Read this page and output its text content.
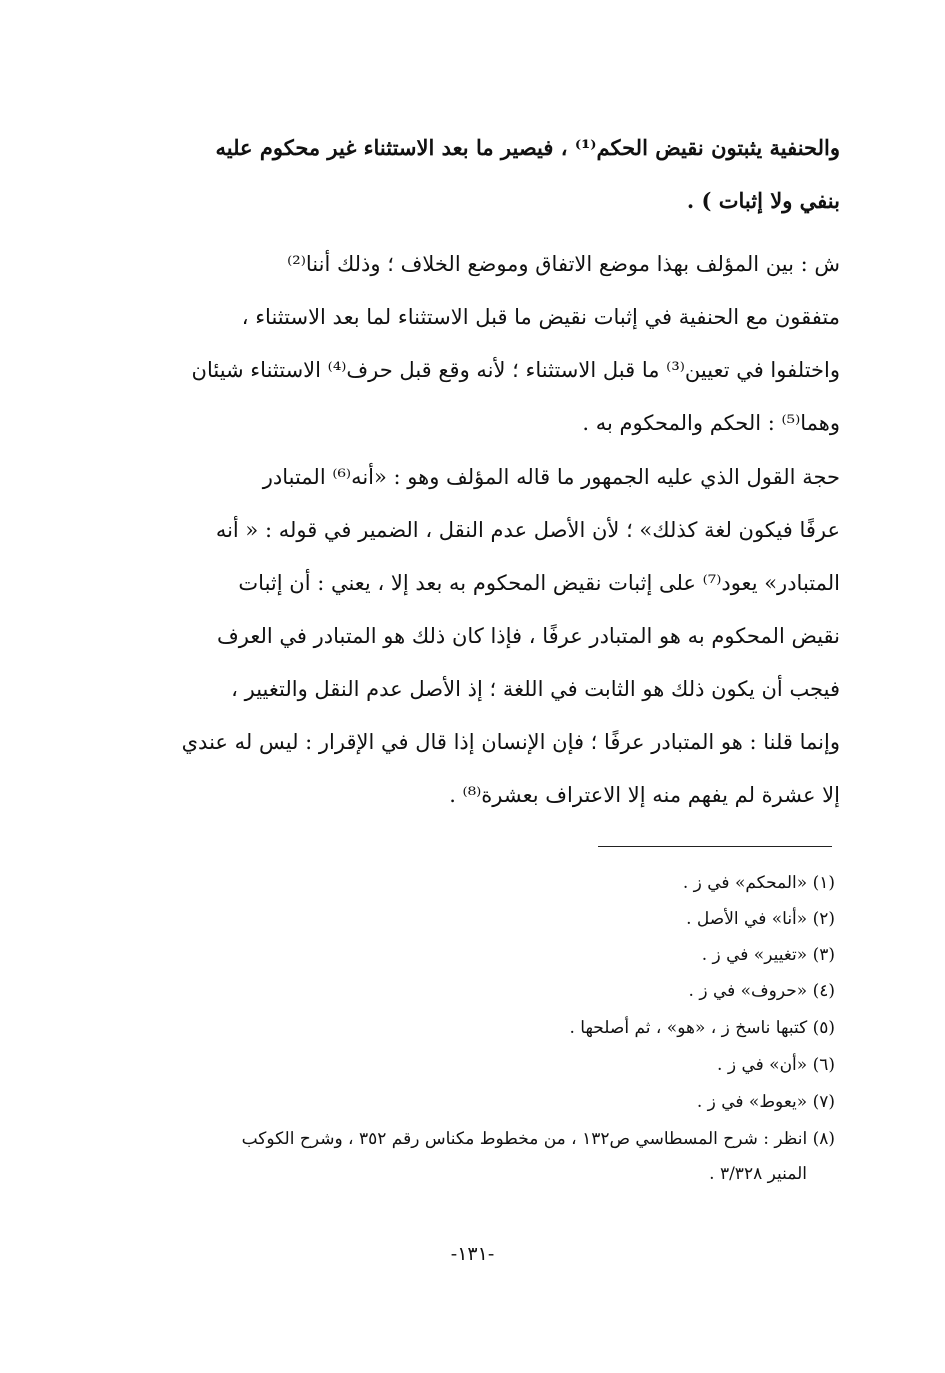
والحنفية يثبتون نقيض الحكم⁽¹⁾ ، فيصير ما بعد الاستثناء غير محكوم عليه
بنفي ولا إثبات ) .
ش : بين المؤلف بهذا موضع الاتفاق وموضع الخلاف ؛ وذلك أننا⁽²⁾
متفقون مع الحنفية في إثبات نقيض ما قبل الاستثناء لما بعد الاستثناء ،
واختلفوا في تعيين⁽³⁾ ما قبل الاستثناء ؛ لأنه وقع قبل حرف⁽⁴⁾ الاستثناء شيئان
وهما⁽⁵⁾ : الحكم والمحكوم به .
حجة القول الذي عليه الجمهور ما قاله المؤلف وهو : «أنه⁽⁶⁾ المتبادر
عرفًا فيكون لغة كذلك» ؛ لأن الأصل عدم النقل ، الضمير في قوله : « أنه
المتبادر» يعود⁽⁷⁾ على إثبات نقيض المحكوم به بعد إلا ، يعني : أن إثبات
نقيض المحكوم به هو المتبادر عرفًا ، فإذا كان ذلك هو المتبادر في العرف
فيجب أن يكون ذلك هو الثابت في اللغة ؛ إذ الأصل عدم النقل والتغيير ،
وإنما قلنا : هو المتبادر عرفًا ؛ فإن الإنسان إذا قال في الإقرار : ليس له عندي
إلا عشرة لم يفهم منه إلا الاعتراف بعشرة⁽⁸⁾ .
(١) «المحكم» في ز .
(٢) «أنا» في الأصل .
(٣) «تغيير» في ز .
(٤) «حروف» في ز .
(٥) كتبها ناسخ ز ، «هو» ، ثم أصلحها .
(٦) «أن» في ز .
(٧) «يعوط» في ز .
(٨) انظر : شرح المسطاسي ص١٣٢ ، من مخطوط مكناس رقم ٣٥٢ ، وشرح الكوكب
المنير ٣/٣٢٨ .
-١٣١-
